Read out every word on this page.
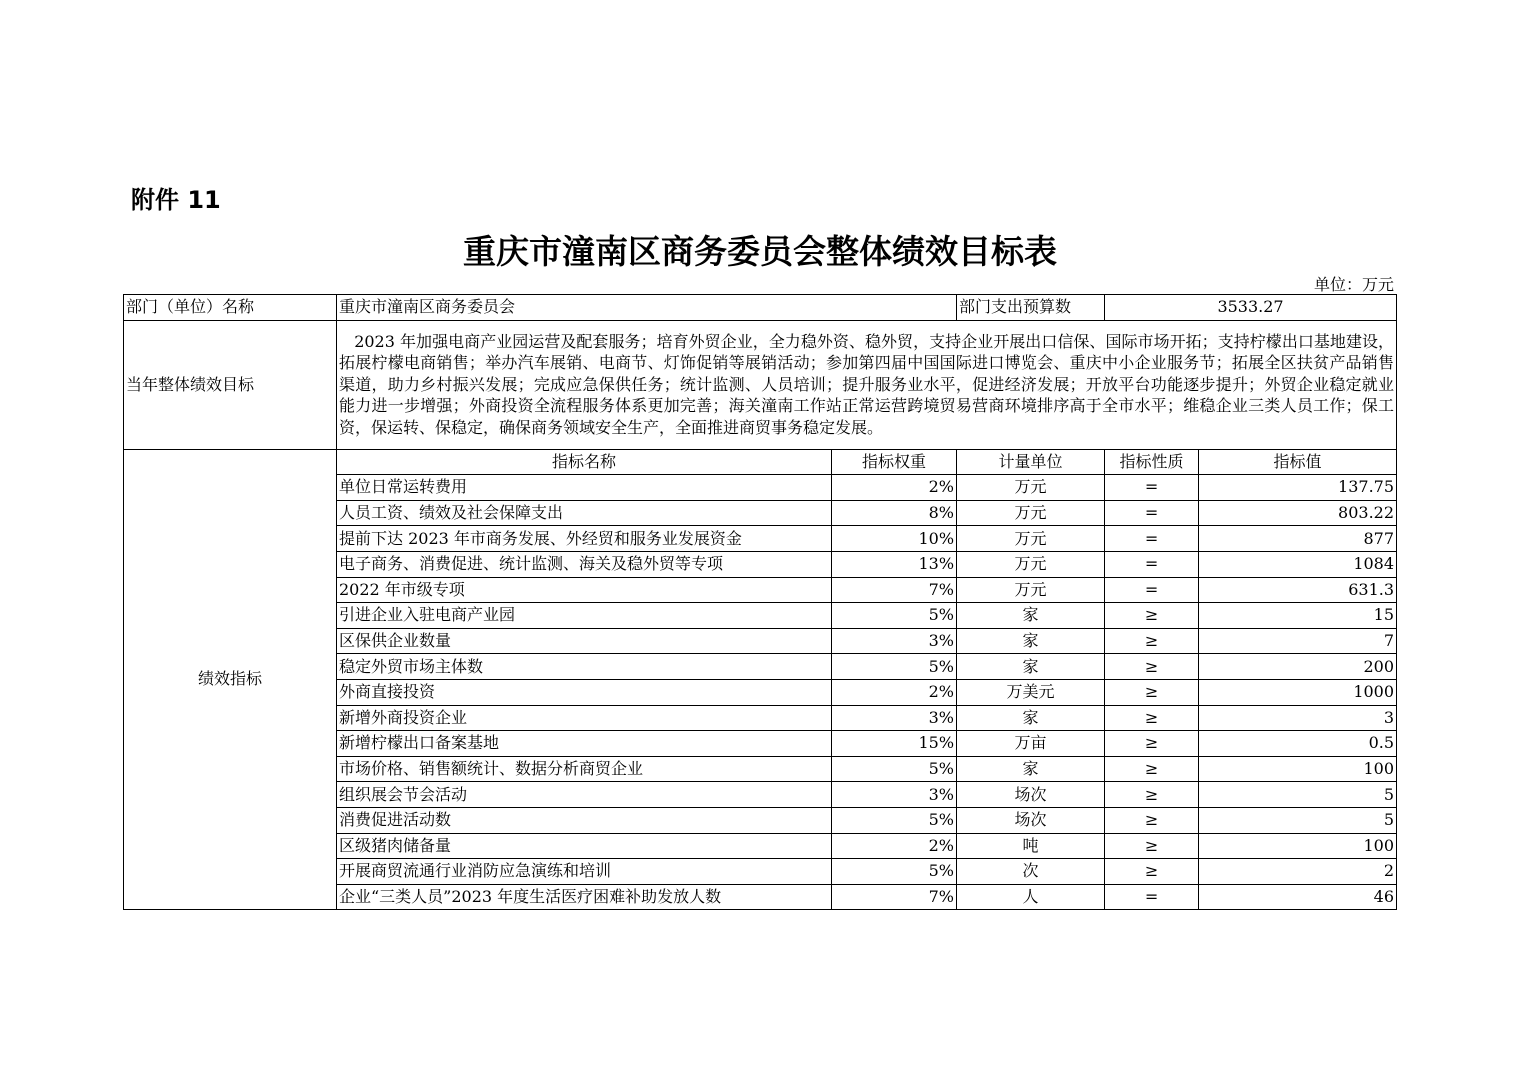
附件 11
重庆市潼南区商务委员会整体绩效目标表
单位：万元
部门（单位）名称	重庆市潼南区商务委员会		部门支出预算数	3533.27	
当年整体绩效目标	2023 年加强电商产业园运营及配套服务；培育外贸企业，全力稳外资、稳外贸，支持企业开展出口信保、国际市场开拓；支持柠檬出口基地建设，拓展柠檬电商销售；举办汽车展销、电商节、灯饰促销等展销活动；参加第四届中国国际进口博览会、重庆中小企业服务节；拓展全区扶贫产品销售渠道，助力乡村振兴发展；完成应急保供任务；统计监测、人员培训；提升服务业水平，促进经济发展；开放平台功能逐步提升；外贸企业稳定就业能力进一步增强；外商投资全流程服务体系更加完善；海关潼南工作站正常运营跨境贸易营商环境排序高于全市水平；维稳企业三类人员工作；保工资，保运转、保稳定，确保商务领域安全生产，全面推进商贸事务稳定发展。				
绩效指标	指标名称	指标权重	计量单位	指标性质	指标值
	单位日常运转费用	2%	万元	=	137.75
	人员工资、绩效及社会保障支出	8%	万元	=	803.22
	提前下达 2023 年市商务发展、外经贸和服务业发展资金	10%	万元	=	877
	电子商务、消费促进、统计监测、海关及稳外贸等专项	13%	万元	=	1084
	2022 年市级专项	7%	万元	=	631.3
	引进企业入驻电商产业园	5%	家	≥	15
	区保供企业数量	3%	家	≥	7
	稳定外贸市场主体数	5%	家	≥	200
	外商直接投资	2%	万美元	≥	1000
	新增外商投资企业	3%	家	≥	3
	新增柠檬出口备案基地	15%	万亩	≥	0.5
	市场价格、销售额统计、数据分析商贸企业	5%	家	≥	100
	组织展会节会活动	3%	场次	≥	5
	消费促进活动数	5%	场次	≥	5
	区级猪肉储备量	2%	吨	≥	100
	开展商贸流通行业消防应急演练和培训	5%	次	≥	2
	企业“三类人员”2023 年度生活医疗困难补助发放人数	7%	人	=	46
